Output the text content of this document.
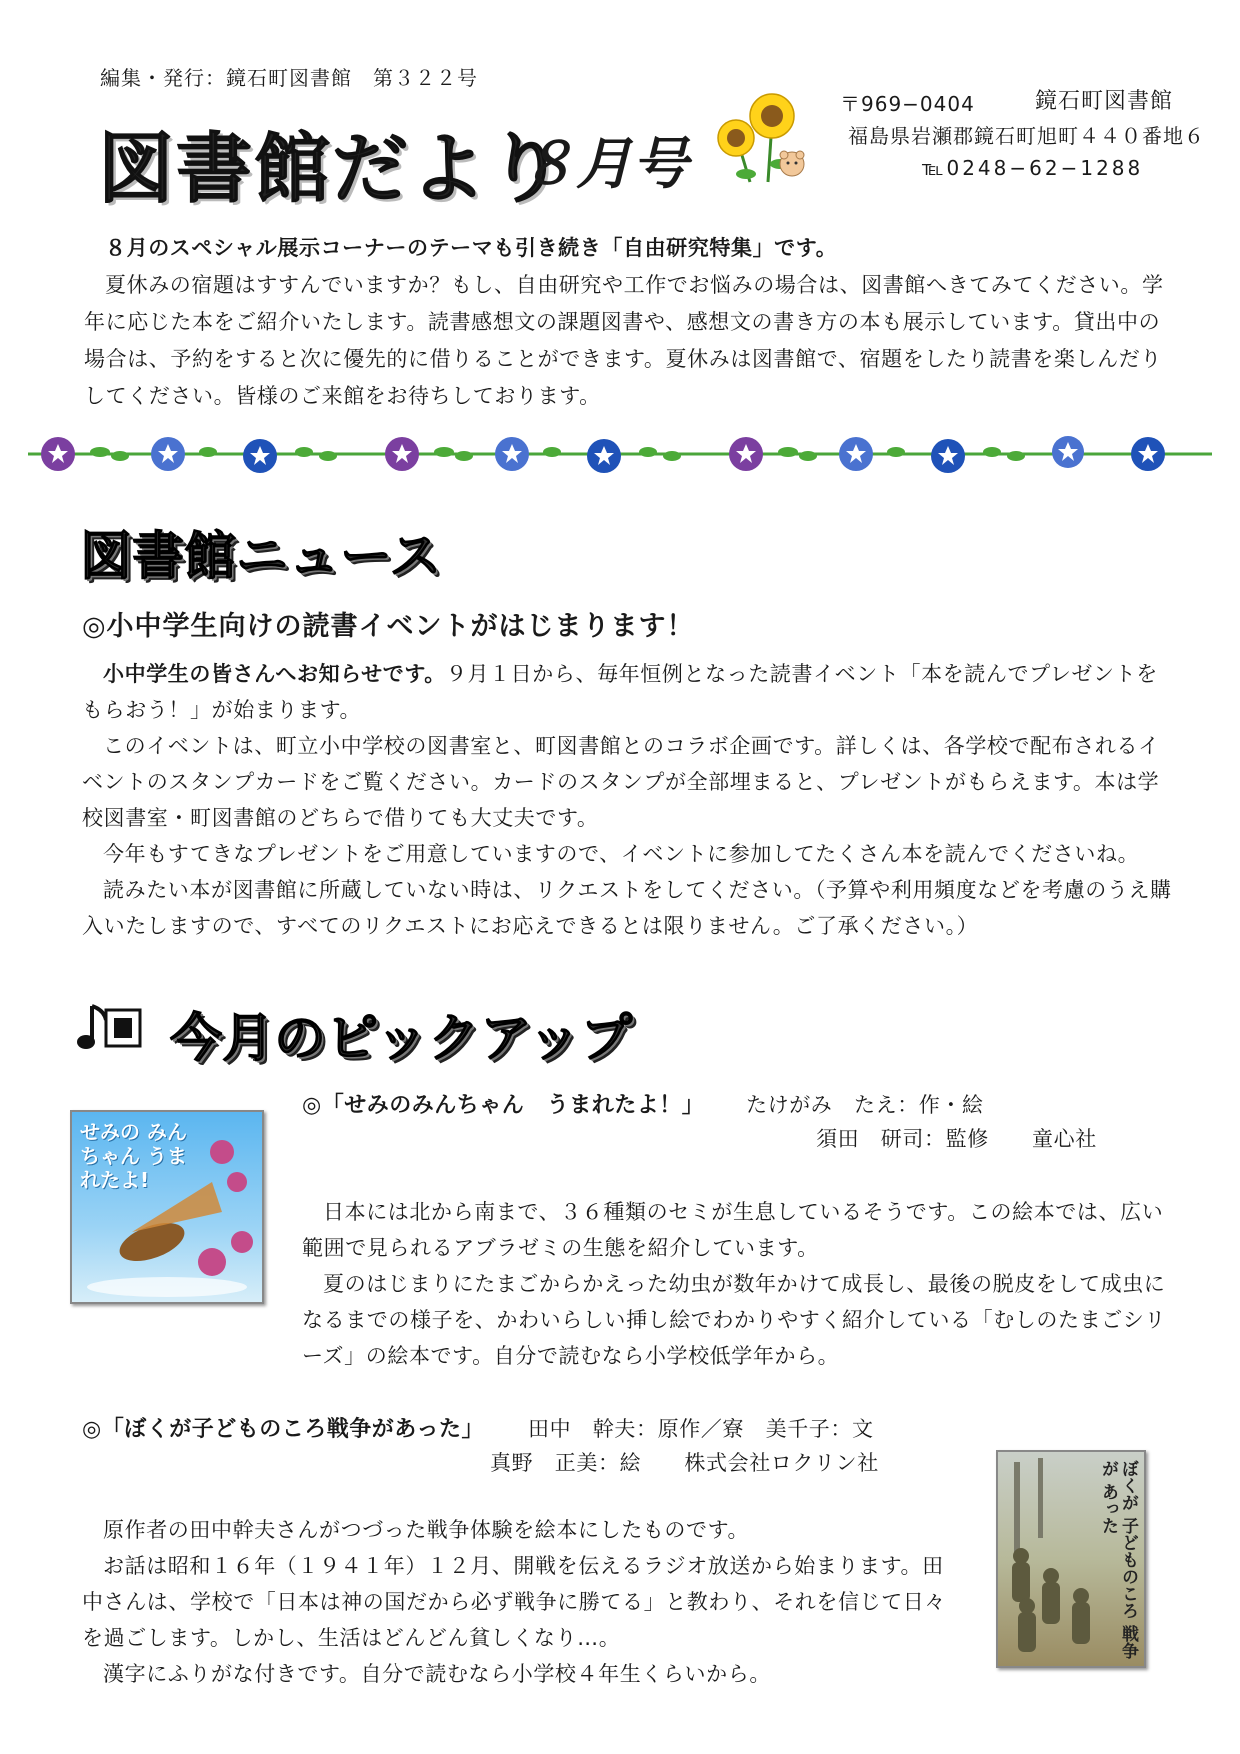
編集・発行：鏡石町図書館　第３２２号
図書館だより
８月号
〒969−0404	鏡石町図書館
福島県岩瀬郡鏡石町旭町４４０番地６
℡0248−62−1288

８月のスペシャル展示コーナーのテーマも引き続き「自由研究特集」です。

夏休みの宿題はすすんでいますか？もし、自由研究や工作でお悩みの場合は、図書館へきてみてください。学年に応じた本をご紹介いたします。読書感想文の課題図書や、感想文の書き方の本も展示しています。貸出中の場合は、予約をすると次に優先的に借りることができます。夏休みは図書館で、宿題をしたり読書を楽しんだりしてください。皆様のご来館をお待ちしております。

図書館ニュース
◎小中学生向けの読書イベントがはじまります！

小中学生の皆さんへお知らせです。９月１日から、毎年恒例となった読書イベント「本を読んでプレゼントをもらおう！」が始まります。

このイベントは、町立小中学校の図書室と、町図書館とのコラボ企画です。詳しくは、各学校で配布されるイベントのスタンプカードをご覧ください。カードのスタンプが全部埋まると、プレゼントがもらえます。本は学校図書室・町図書館のどちらで借りても大丈夫です。

今年もすてきなプレゼントをご用意していますので、イベントに参加してたくさん本を読んでくださいね。

読みたい本が図書館に所蔵していない時は、リクエストをしてください。（予算や利用頻度などを考慮のうえ購入いたしますので、すべてのリクエストにお応えできるとは限りません。ご了承ください。）

今月のピックアップ
せみの みんちゃん うまれたよ!
◎「せみのみんちゃん　うまれたよ！」 たけがみ　たえ：作・絵
須田　研司：監修　　童心社

日本には北から南まで、３６種類のセミが生息しているそうです。この絵本では、広い範囲で見られるアブラゼミの生態を紹介しています。

夏のはじまりにたまごからかえった幼虫が数年かけて成長し、最後の脱皮をして成虫になるまでの様子を、かわいらしい挿し絵でわかりやすく紹介している「むしのたまごシリーズ」の絵本です。自分で読むなら小学校低学年から。

◎「ぼくが子どものころ戦争があった」 田中　幹夫：原作／寮　美千子：文
真野　正美：絵　　株式会社ロクリン社

原作者の田中幹夫さんがつづった戦争体験を絵本にしたものです。

お話は昭和１６年（１９４１年）１２月、開戦を伝えるラジオ放送から始まります。田中さんは、学校で「日本は神の国だから必ず戦争に勝てる」と教わり、それを信じて日々を過ごします。しかし、生活はどんどん貧しくなり…。

漢字にふりがな付きです。自分で読むなら小学校４年生くらいから。

ぼくが 子どものころ 戦争が あった
